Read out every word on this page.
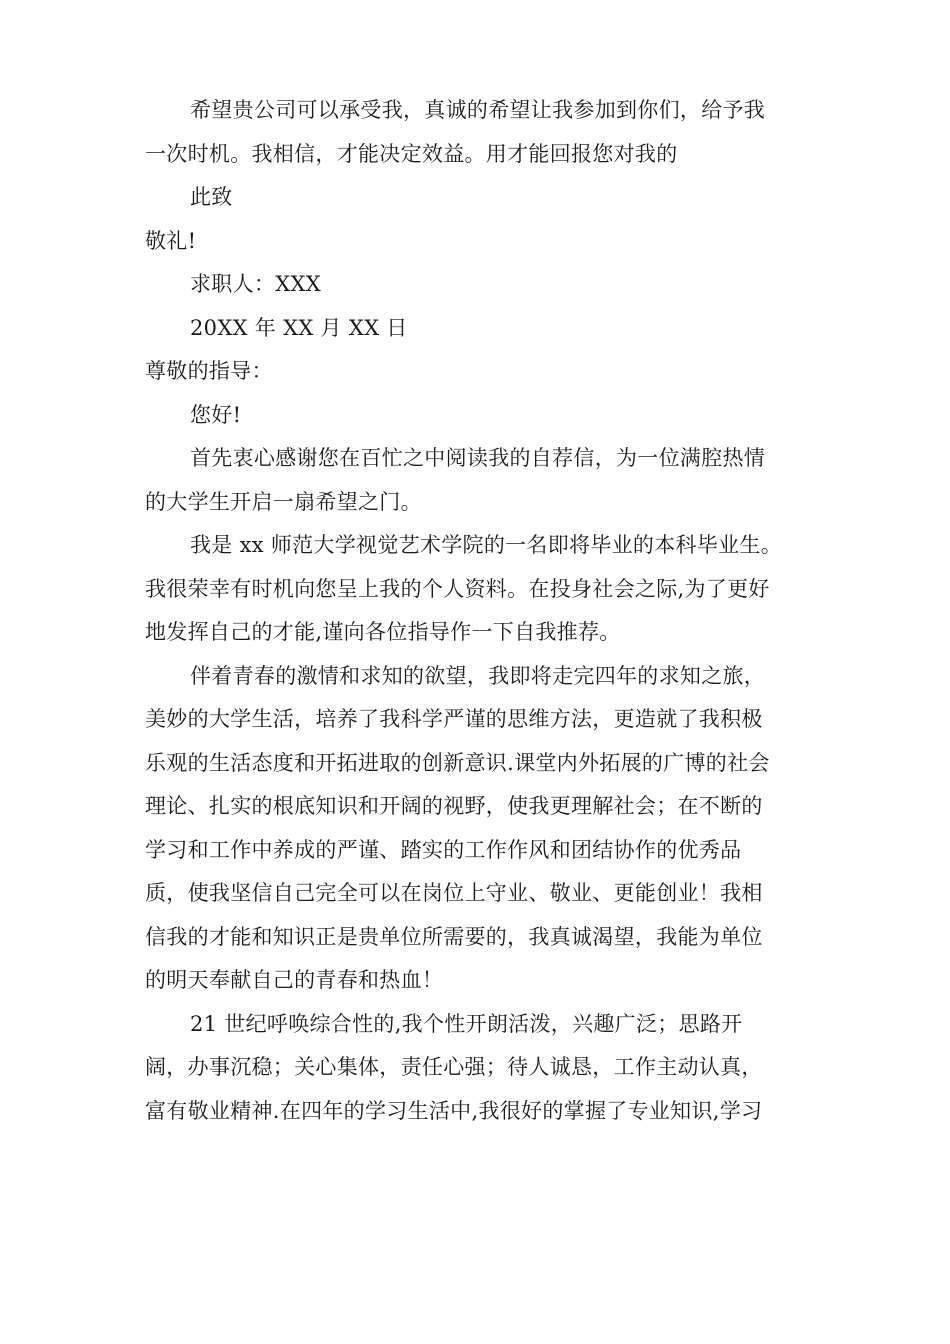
希望贵公司可以承受我，真诚的希望让我参加到你们，给予我
一次时机。我相信，才能决定效益。用才能回报您对我的
此致
敬礼!
求职人：XXX
20XX 年 XX 月 XX 日
尊敬的指导：
您好!
首先衷心感谢您在百忙之中阅读我的自荐信，为一位满腔热情
的大学生开启一扇希望之门。
我是 xx 师范大学视觉艺术学院的一名即将毕业的本科毕业生。
我很荣幸有时机向您呈上我的个人资料。在投身社会之际,为了更好
地发挥自己的才能,谨向各位指导作一下自我推荐。
伴着青春的激情和求知的欲望，我即将走完四年的求知之旅，
美妙的大学生活，培养了我科学严谨的思维方法，更造就了我积极
乐观的生活态度和开拓进取的创新意识.课堂内外拓展的广博的社会
理论、扎实的根底知识和开阔的视野，使我更理解社会；在不断的
学习和工作中养成的严谨、踏实的工作作风和团结协作的优秀品
质，使我坚信自己完全可以在岗位上守业、敬业、更能创业！我相
信我的才能和知识正是贵单位所需要的，我真诚渴望，我能为单位
的明天奉献自己的青春和热血！
21 世纪呼唤综合性的,我个性开朗活泼，兴趣广泛；思路开
阔，办事沉稳；关心集体，责任心强；待人诚恳，工作主动认真，
富有敬业精神.在四年的学习生活中,我很好的掌握了专业知识,学习
